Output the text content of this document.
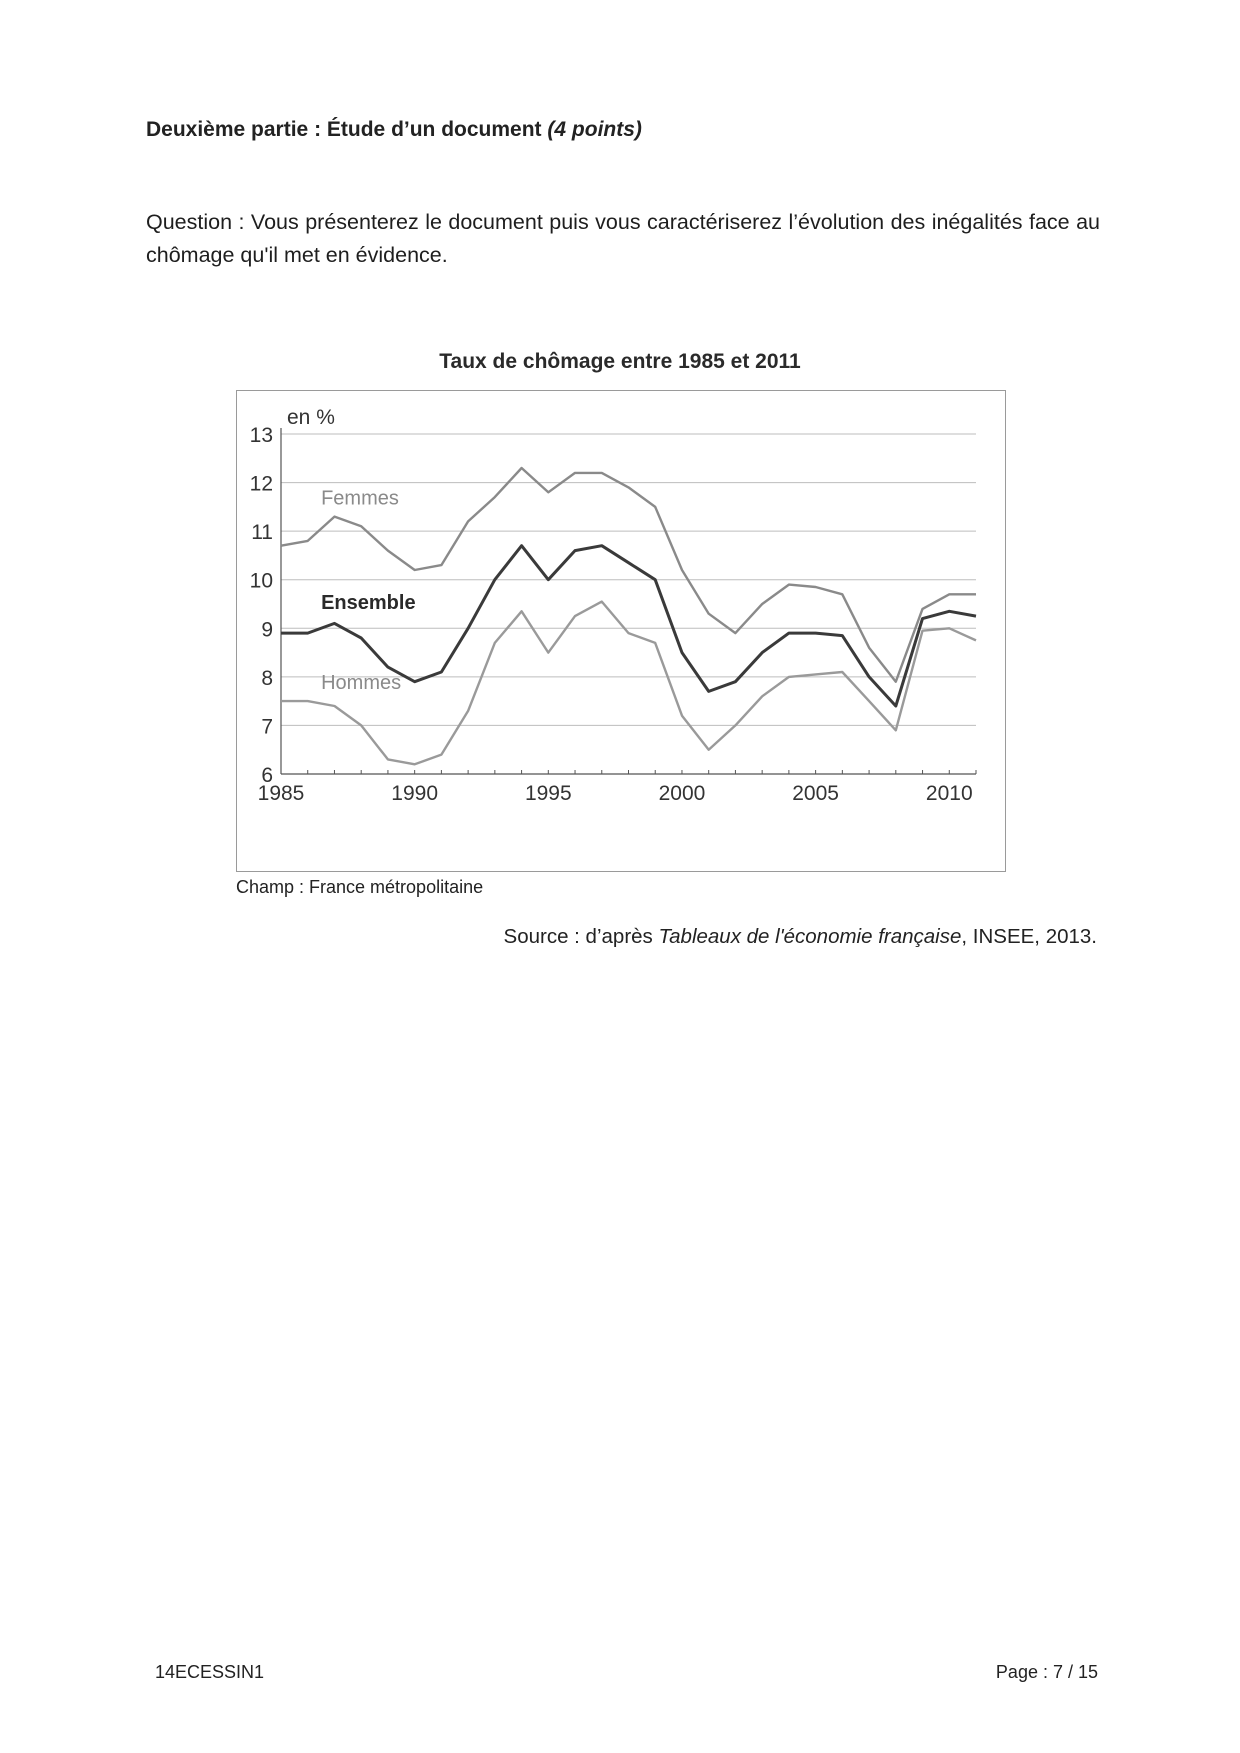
Deuxième partie : Étude d’un document (4 points)
Question : Vous présenterez le document puis vous caractériserez l’évolution des inégalités face au chômage qu'il met en évidence.
Taux de chômage entre 1985 et 2011
6
7
8
9
10
11
12
13
1985	1990	1995	2000	2005	2010
en %
Femmes
Ensemble
Hommes
Champ : France métropolitaine
Source : d’après Tableaux de l'économie française, INSEE, 2013.
14ECESSIN1	Page : 7 / 15
